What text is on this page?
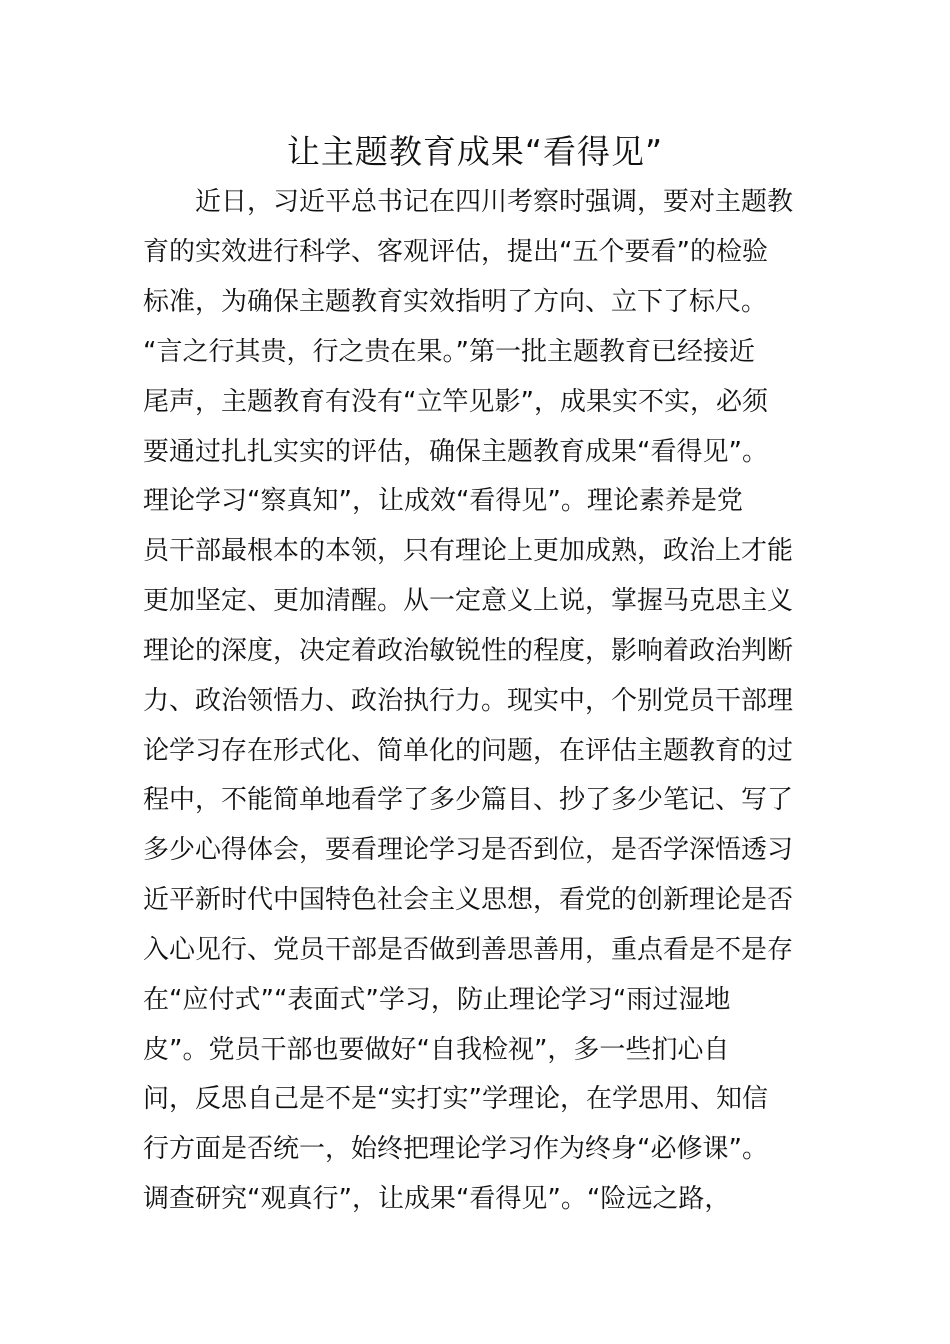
让主题教育成果“看得见”
　　近日，习近平总书记在四川考察时强调，要对主题教
育的实效进行科学、客观评估，提出“五个要看”的检验
标准，为确保主题教育实效指明了方向、立下了标尺。
“言之行其贵，行之贵在果。”第一批主题教育已经接近
尾声，主题教育有没有“立竿见影”，成果实不实，必须
要通过扎扎实实的评估，确保主题教育成果“看得见”。
理论学习“察真知”，让成效“看得见”。理论素养是党
员干部最根本的本领，只有理论上更加成熟，政治上才能
更加坚定、更加清醒。从一定意义上说，掌握马克思主义
理论的深度，决定着政治敏锐性的程度，影响着政治判断
力、政治领悟力、政治执行力。现实中，个别党员干部理
论学习存在形式化、简单化的问题，在评估主题教育的过
程中，不能简单地看学了多少篇目、抄了多少笔记、写了
多少心得体会，要看理论学习是否到位，是否学深悟透习
近平新时代中国特色社会主义思想，看党的创新理论是否
入心见行、党员干部是否做到善思善用，重点看是不是存
在“应付式”“表面式”学习，防止理论学习“雨过湿地
皮”。党员干部也要做好“自我检视”，多一些扪心自
问，反思自己是不是“实打实”学理论，在学思用、知信
行方面是否统一，始终把理论学习作为终身“必修课”。
调查研究“观真行”，让成果“看得见”。“险远之路，
